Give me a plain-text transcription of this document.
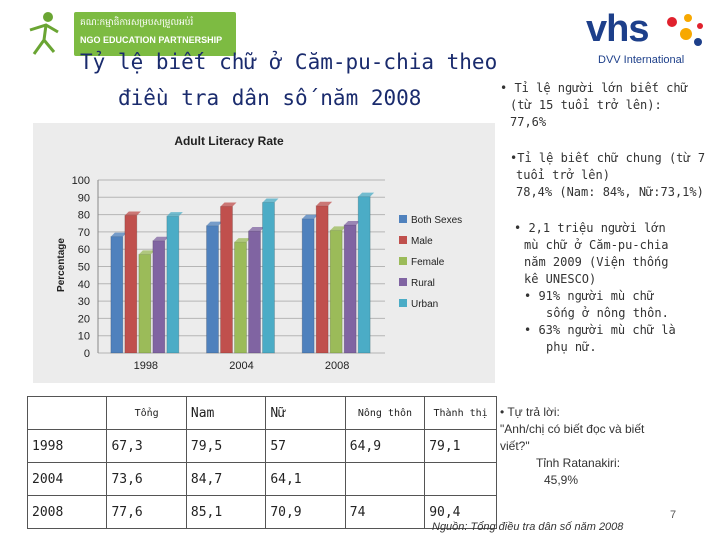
គណៈកម្មាធិការសម្របសម្រួលអប់រំ
NGO EDUCATION PARTNERSHIP	vhs
DVV International
Tỷ lệ biết chữ ở Căm-pu-chia theo
điều tra dân số năm 2008	• Tỉ lệ người lớn biết chữ
(từ 15 tuổi trở lên):
77,6%
•Tỉ lệ biết chữ chung (từ 7
tuổi trở lên)
78,4% (Nam: 84%, Nữ:73,1%)
• 2,1 triệu người lớn
mù chữ ở Căm-pu-chia
năm 2009 (Viện thống
kê UNESCO)
• 91% người mù chữ
sống ở nông thôn.
• 63% người mù chữ là
phụ nữ.
• Tự trả lời:
"Anh/chị có biết đọc và biết
viết?"
Tỉnh Ratanakiri:
45,9%
Adult Literacy Rate
Percentage
0
10
20
30
40
50
60
70
80
90
100
1998	2004	2008
Both Sexes
Male
Female
Rural
Urban
	Tổng	Nam	Nữ	Nông thôn	Thành thị
1998	67,3	79,5	57	64,9	79,1
2004	73,6	84,7	64,1		
2008	77,6	85,1	70,9	74	90,4
Nguồn: Tổng điều tra dân số năm 2008
7
